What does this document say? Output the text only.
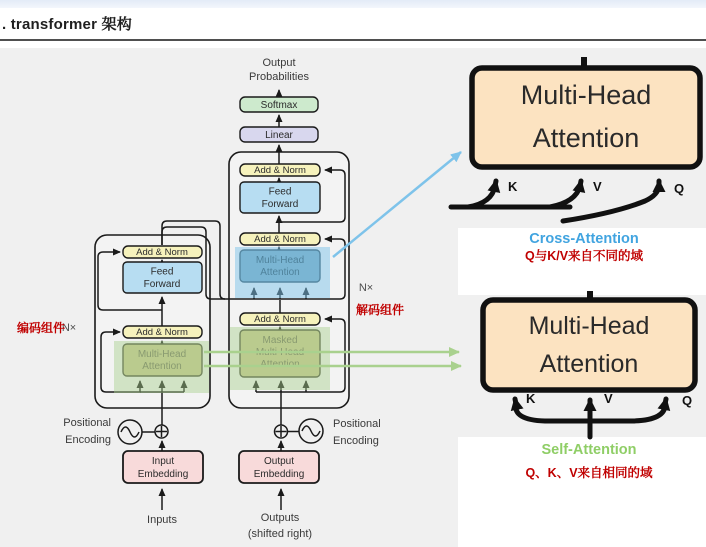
. transformer 架构
Softmax
Linear
Add & Norm
Feed
Forward
Add & Norm
Add & Norm
Masked
Multi-Head
Attention
Add & Norm
Feed
Forward
Add & Norm
Multi-Head
Attention
Input
Embedding
Output
Embedding
Output
Probabilities
Inputs	Outputs
(shifted right)
Positional
Encoding
Positional
Encoding
N×
N×
编码组件
解码组件
Multi-Head
Attention
K	V	Q
Cross-Attention
Q与K/V来自不同的域
Multi-Head
Attention
K	V	Q
Self-Attention
Q、K、V来自相同的域
